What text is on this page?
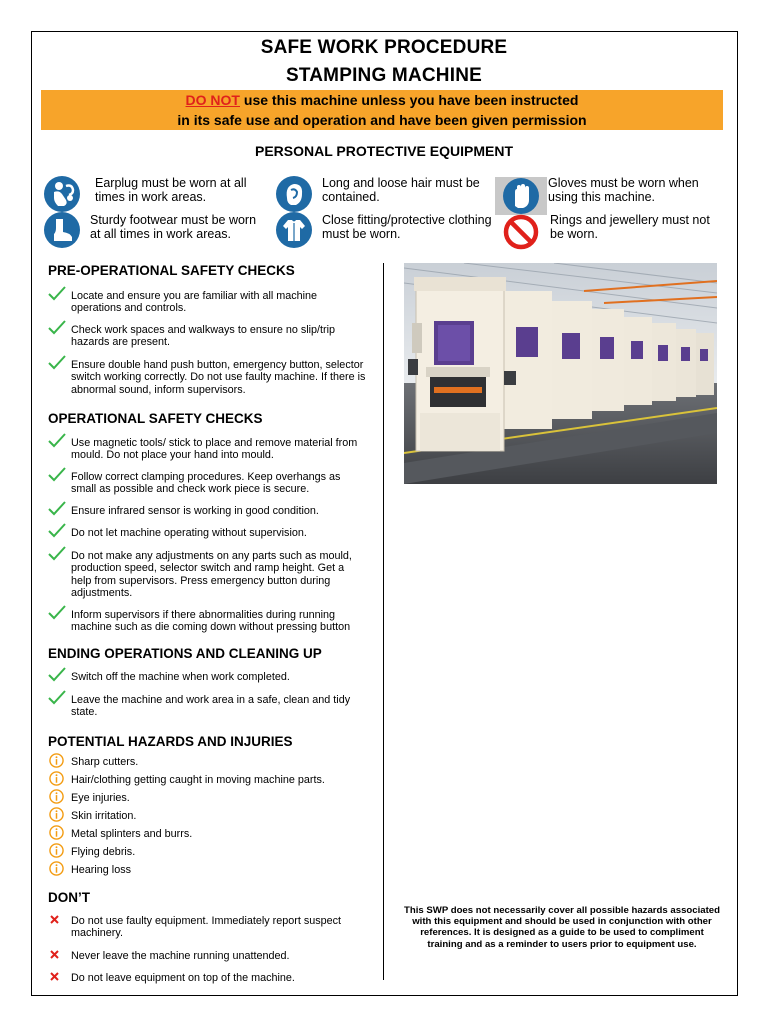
SAFE WORK PROCEDURE
STAMPING MACHINE
DO NOT use this machine unless you have been instructed
in its safe use and operation and have been given permission
PERSONAL PROTECTIVE EQUIPMENT
Earplug must be worn at all times in work areas.
Long and loose hair must be contained.
Gloves must be worn when using this machine.
Sturdy footwear must be worn at all times in work areas.
Close fitting/protective clothing must be worn.
Rings and jewellery must not be worn.
PRE-OPERATIONAL SAFETY CHECKS
Locate and ensure you are familiar with all machine operations and controls.
Check work spaces and walkways to ensure no slip/trip hazards are present.
Ensure double hand push button, emergency button, selector switch working correctly. Do not use faulty machine. If there is abnormal sound, inform supervisors.
OPERATIONAL SAFETY CHECKS
Use magnetic tools/ stick to place and remove material from mould. Do not place your hand into mould.
Follow correct clamping procedures. Keep overhangs as small as possible and check work piece is secure.
Ensure infrared sensor is working in good condition.
Do not let machine operating without supervision.
Do not make any adjustments on any parts such as mould, production speed, selector switch and ramp height. Get a help from supervisors. Press emergency button during adjustments.
Inform supervisors if there abnormalities during running machine such as die coming down without pressing button
ENDING OPERATIONS AND CLEANING UP
Switch off the machine when work completed.
Leave the machine and work area in a safe, clean and tidy state.
POTENTIAL HAZARDS AND INJURIES
Sharp cutters.
Hair/clothing getting caught in moving machine parts.
Eye injuries.
Skin irritation.
Metal splinters and burrs.
Flying debris.
Hearing loss
DON’T
Do not use faulty equipment. Immediately report suspect machinery.
Never leave the machine running unattended.
Do not leave equipment on top of the machine.
This SWP does not necessarily cover all possible hazards associated with this equipment and should be used in conjunction with other references. It is designed as a guide to be used to compliment training and as a reminder to users prior to equipment use.
